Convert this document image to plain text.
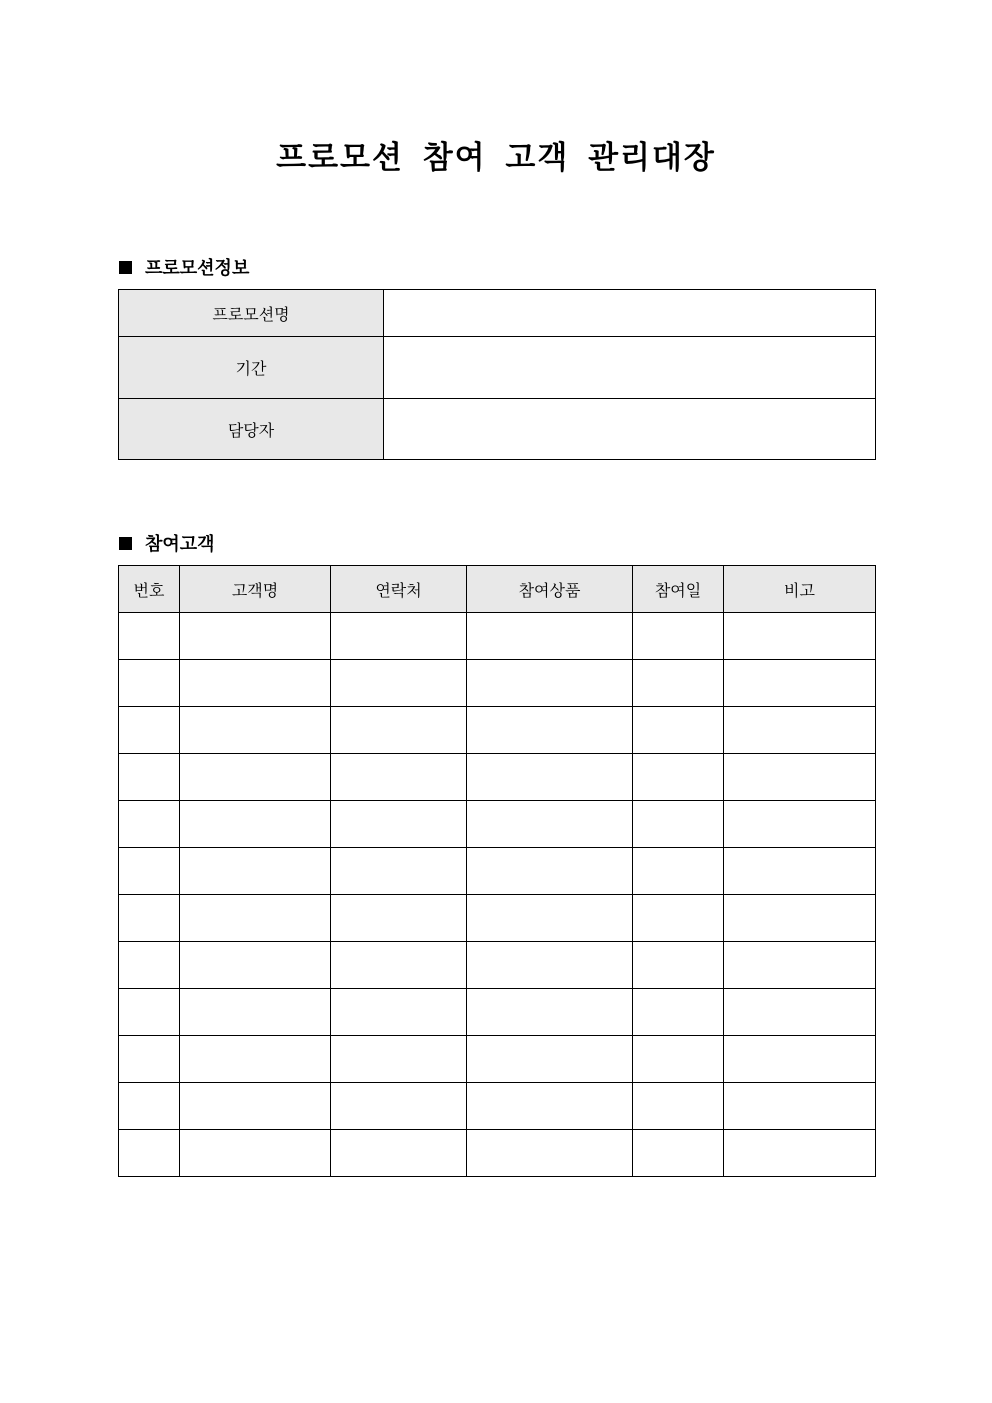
프로모션 참여 고객 관리대장
프로모션정보
프로모션명	
기간	
담당자	
참여고객
번호	고객명	연락처	참여상품	참여일	비고
